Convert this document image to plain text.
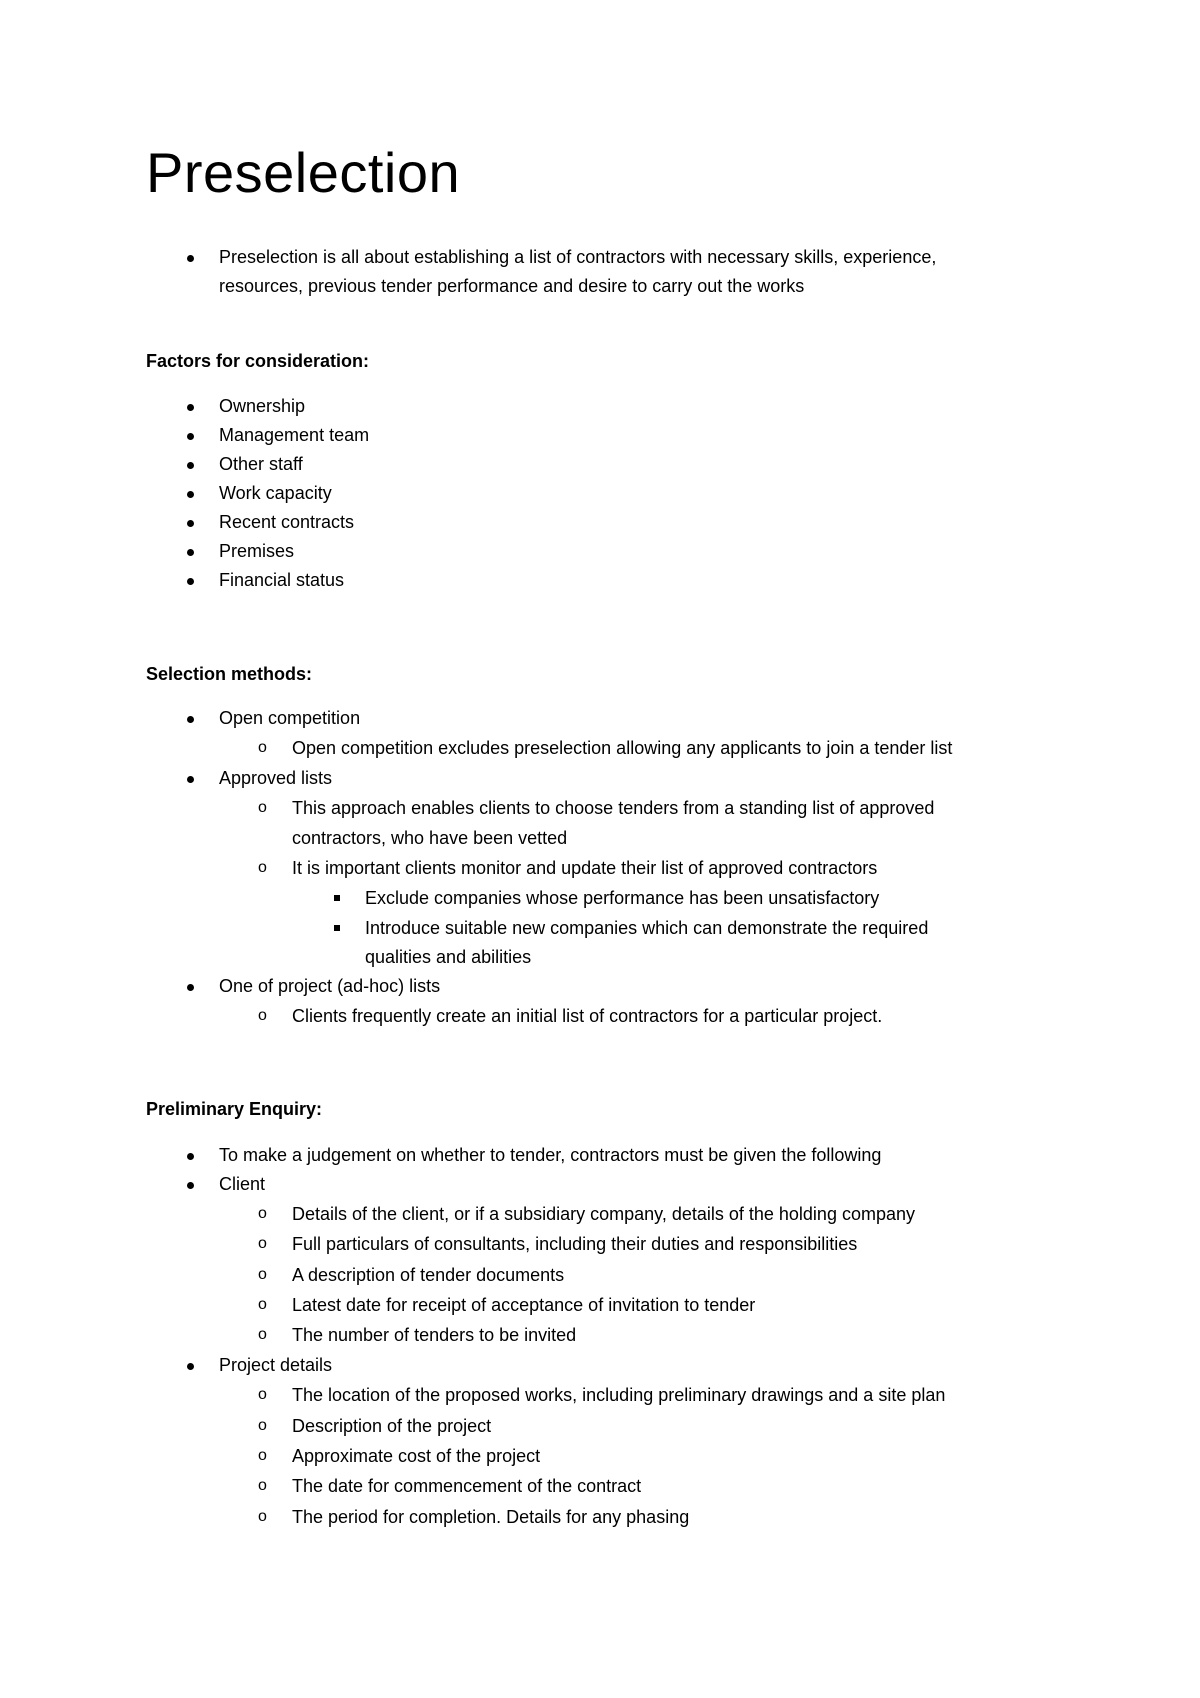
Preselection
Preselection is all about establishing a list of contractors with necessary skills, experience,
resources, previous tender performance and desire to carry out the works
Factors for consideration:
Ownership
Management team
Other staff
Work capacity
Recent contracts
Premises
Financial status
Selection methods:
Open competition
o Open competition excludes preselection allowing any applicants to join a tender list
Approved lists
o This approach enables clients to choose tenders from a standing list of approved
contractors, who have been vetted
o It is important clients monitor and update their list of approved contractors
Exclude companies whose performance has been unsatisfactory
Introduce suitable new companies which can demonstrate the required
qualities and abilities
One of project (ad-hoc) lists
o Clients frequently create an initial list of contractors for a particular project.
Preliminary Enquiry:
To make a judgement on whether to tender, contractors must be given the following
Client
o Details of the client, or if a subsidiary company, details of the holding company
o Full particulars of consultants, including their duties and responsibilities
o A description of tender documents
o Latest date for receipt of acceptance of invitation to tender
o The number of tenders to be invited
Project details
o The location of the proposed works, including preliminary drawings and a site plan
o Description of the project
o Approximate cost of the project
o The date for commencement of the contract
o The period for completion. Details for any phasing
